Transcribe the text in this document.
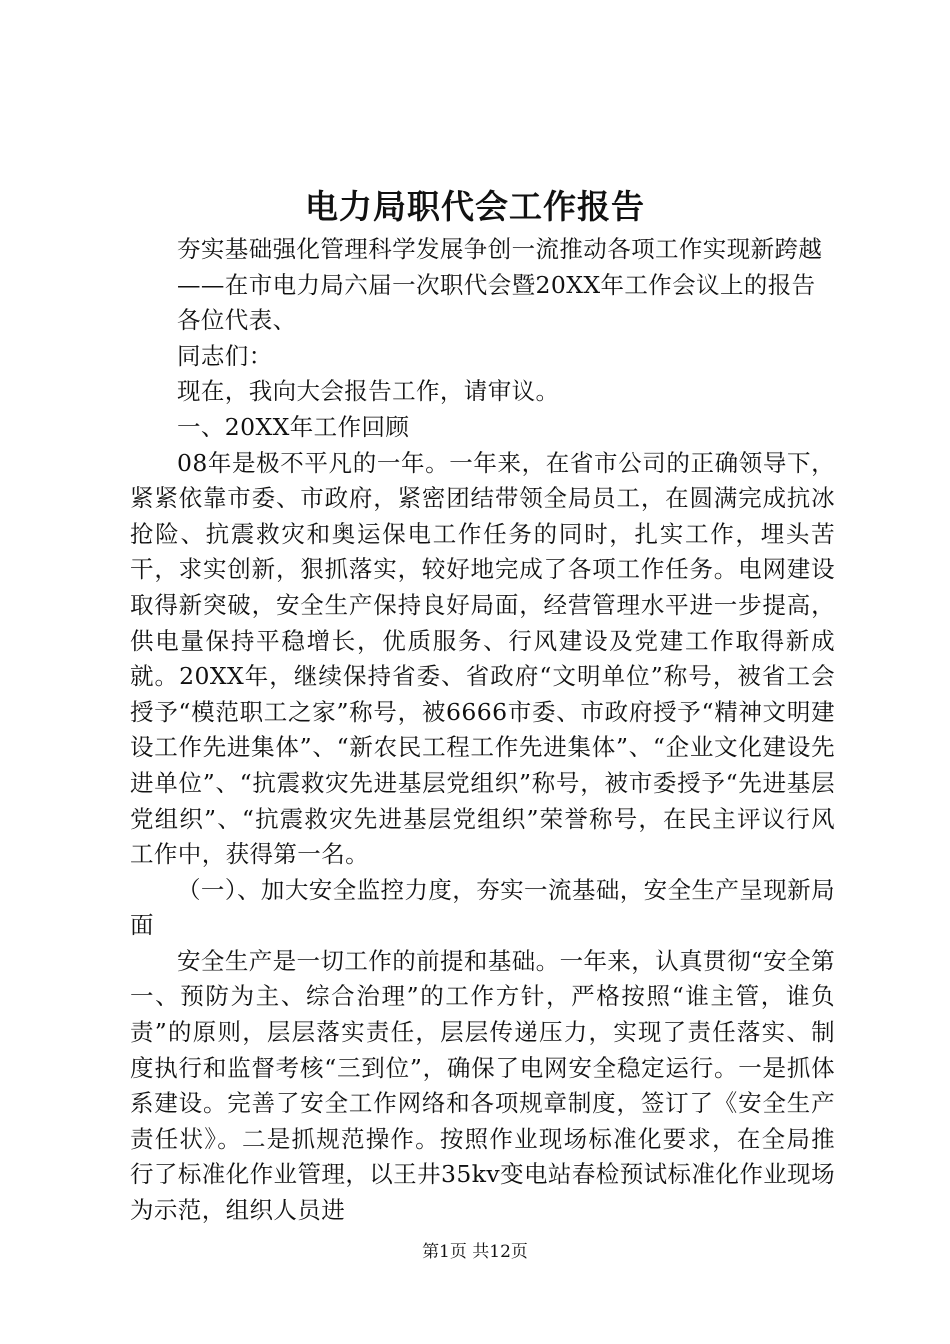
电力局职代会工作报告

夯实基础强化管理科学发展争创一流推动各项工作实现新跨越

——在市电力局六届一次职代会暨20XX年工作会议上的报告

各位代表、

同志们：

现在，我向大会报告工作，请审议。

一、20XX年工作回顾

08年是极不平凡的一年。一年来，在省市公司的正确领导下，紧紧依靠市委、市政府，紧密团结带领全局员工，在圆满完成抗冰抢险、抗震救灾和奥运保电工作任务的同时，扎实工作，埋头苦干，求实创新，狠抓落实，较好地完成了各项工作任务。电网建设取得新突破，安全生产保持良好局面，经营管理水平进一步提高，供电量保持平稳增长，优质服务、行风建设及党建工作取得新成就。20XX年，继续保持省委、省政府“文明单位”称号，被省工会授予“模范职工之家”称号，被6666市委、市政府授予“精神文明建设工作先进集体”、“新农民工程工作先进集体”、“企业文化建设先进单位”、“抗震救灾先进基层党组织”称号，被市委授予“先进基层党组织”、“抗震救灾先进基层党组织”荣誉称号，在民主评议行风工作中，获得第一名。

（一）、加大安全监控力度，夯实一流基础，安全生产呈现新局面

安全生产是一切工作的前提和基础。一年来，认真贯彻“安全第一、预防为主、综合治理”的工作方针，严格按照“谁主管，谁负责”的原则，层层落实责任，层层传递压力，实现了责任落实、制度执行和监督考核“三到位”，确保了电网安全稳定运行。一是抓体系建设。完善了安全工作网络和各项规章制度，签订了《安全生产责任状》。二是抓规范操作。按照作业现场标准化要求，在全局推行了标准化作业管理，以王井35kv变电站春检预试标准化作业现场为示范，组织人员进

第1页 共12页
